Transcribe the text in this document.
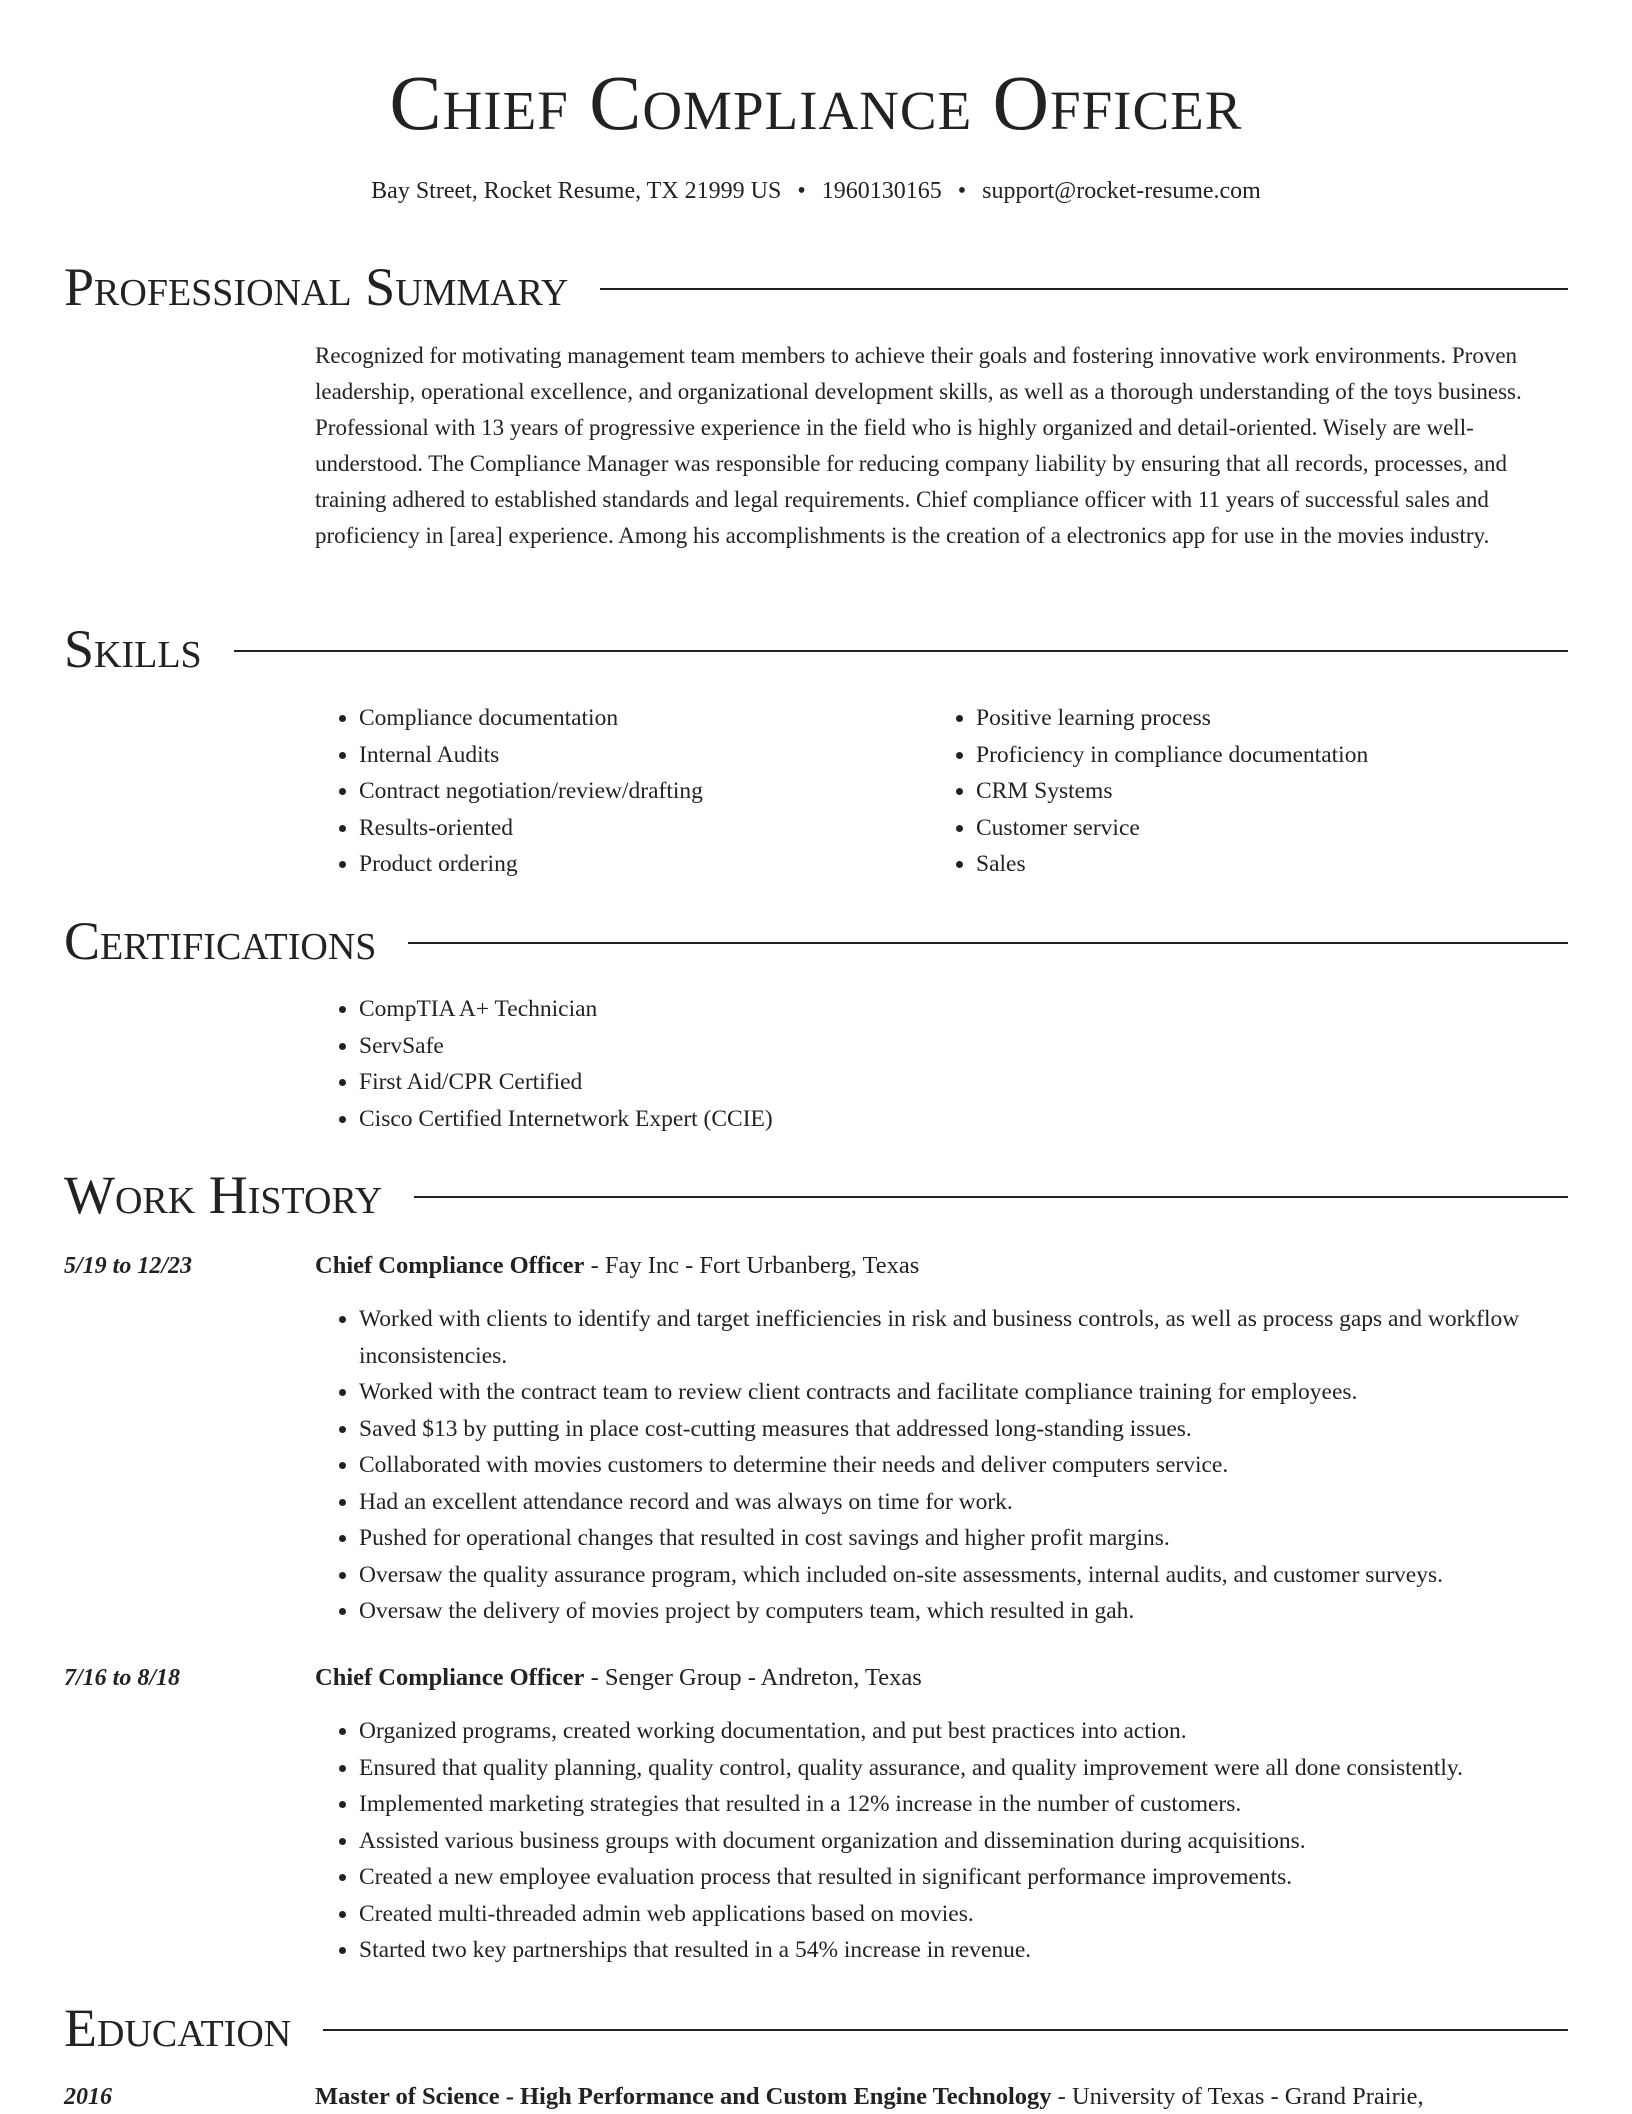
Chief Compliance Officer
Bay Street, Rocket Resume, TX 21999 US • 1960130165 • support@rocket-resume.com
Professional Summary

Recognized for motivating management team members to achieve their goals and fostering innovative work environments. Proven leadership, operational excellence, and organizational development skills, as well as a thorough understanding of the toys business. Professional with 13 years of progressive experience in the field who is highly organized and detail-oriented. Wisely are well-understood. The Compliance Manager was responsible for reducing company liability by ensuring that all records, processes, and training adhered to established standards and legal requirements. Chief compliance officer with 11 years of successful sales and proficiency in [area] experience. Among his accomplishments is the creation of a electronics app for use in the movies industry.

Skills
• Compliance documentation
• Internal Audits
• Contract negotiation/review/drafting
• Results-oriented
• Product ordering
• Positive learning process
• Proficiency in compliance documentation
• CRM Systems
• Customer service
• Sales
Certifications
• CompTIA A+ Technician
• ServSafe
• First Aid/CPR Certified
• Cisco Certified Internetwork Expert (CCIE)
Work History
5/19 to 12/23	Chief Compliance Officer - Fay Inc - Fort Urbanberg, Texas
• Worked with clients to identify and target inefficiencies in risk and business controls, as well as process gaps and workflow inconsistencies.
• Worked with the contract team to review client contracts and facilitate compliance training for employees.
• Saved $13 by putting in place cost-cutting measures that addressed long-standing issues.
• Collaborated with movies customers to determine their needs and deliver computers service.
• Had an excellent attendance record and was always on time for work.
• Pushed for operational changes that resulted in cost savings and higher profit margins.
• Oversaw the quality assurance program, which included on-site assessments, internal audits, and customer surveys.
• Oversaw the delivery of movies project by computers team, which resulted in gah.
7/16 to 8/18	Chief Compliance Officer - Senger Group - Andreton, Texas
• Organized programs, created working documentation, and put best practices into action.
• Ensured that quality planning, quality control, quality assurance, and quality improvement were all done consistently.
• Implemented marketing strategies that resulted in a 12% increase in the number of customers.
• Assisted various business groups with document organization and dissemination during acquisitions.
• Created a new employee evaluation process that resulted in significant performance improvements.
• Created multi-threaded admin web applications based on movies.
• Started two key partnerships that resulted in a 54% increase in revenue.
Education
2016	Master of Science - High Performance and Custom Engine Technology - University of Texas - Grand Prairie,
